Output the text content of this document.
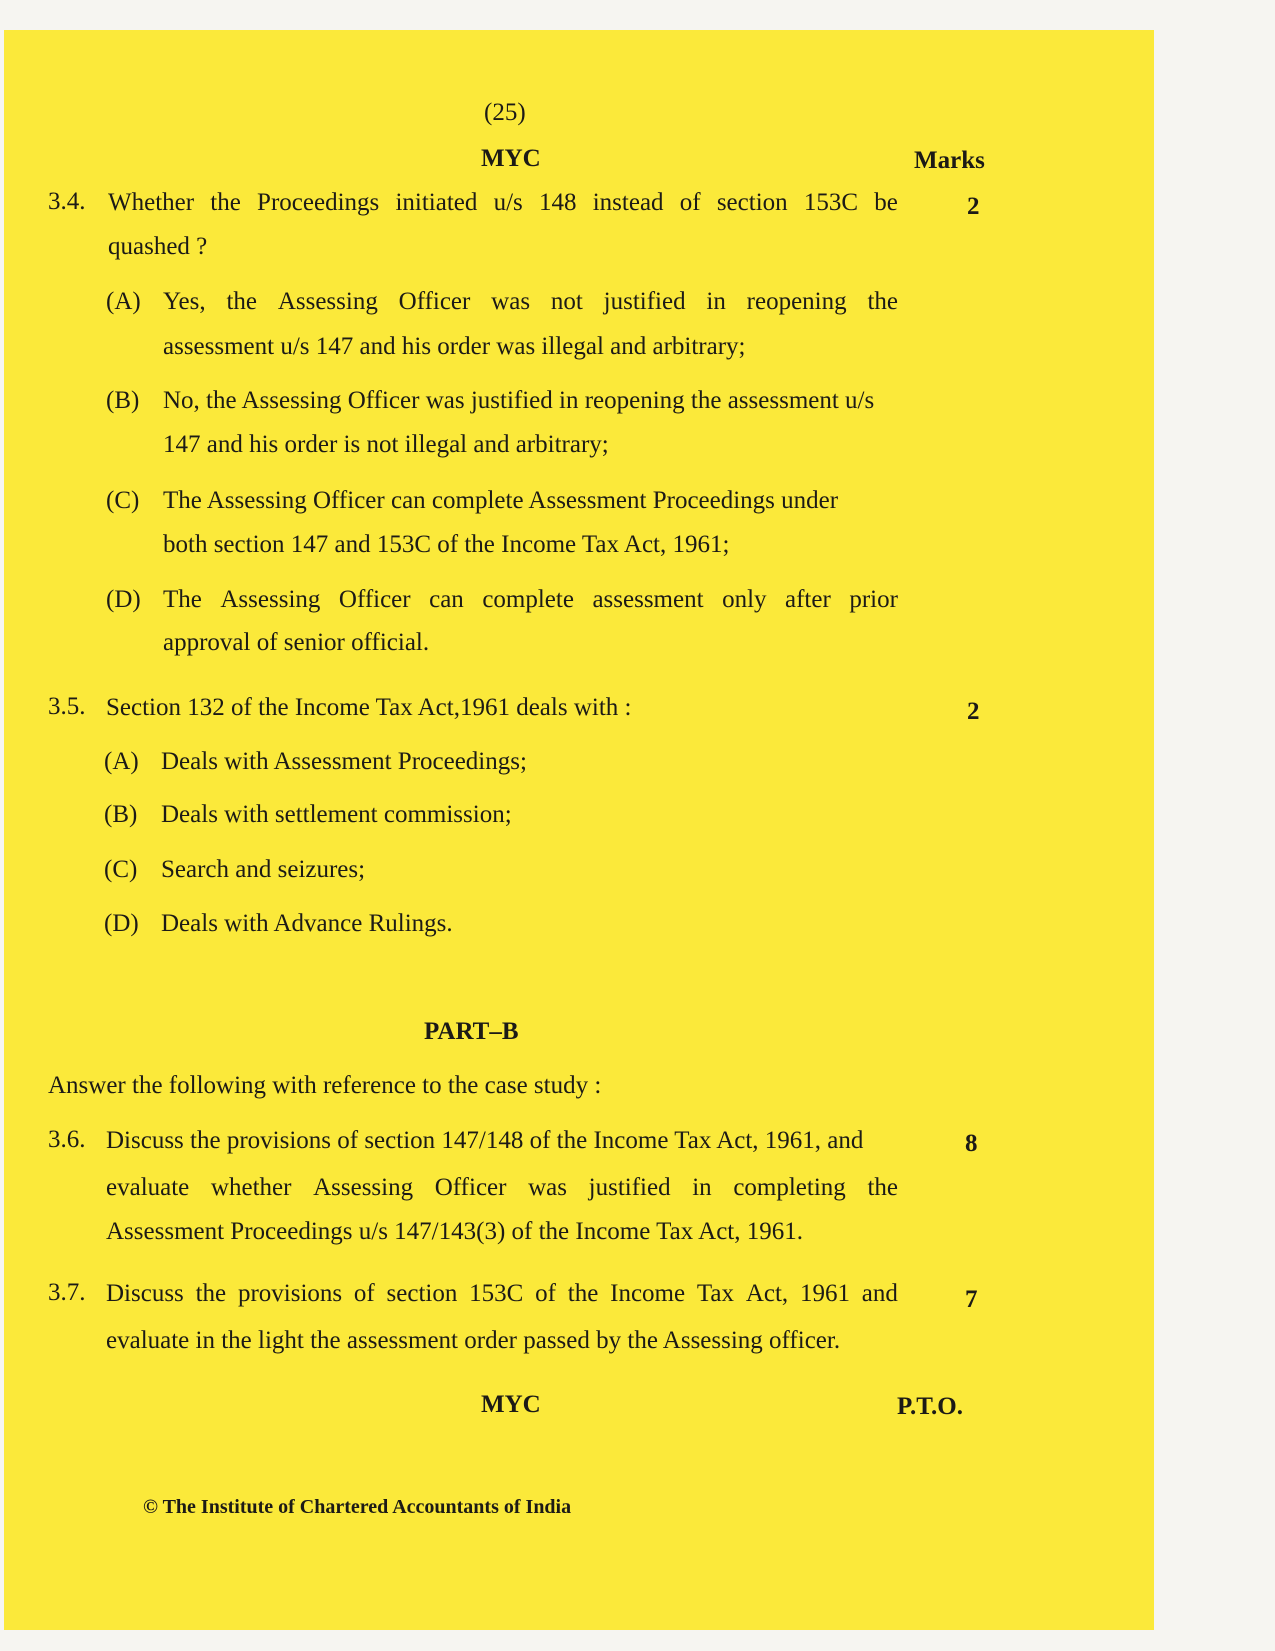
(25)
MYC	Marks
3.4. Whether the Proceedings initiated u/s 148 instead of section 153C be	2
quashed ?
(A) Yes, the Assessing Officer was not justified in reopening the
assessment u/s 147 and his order was illegal and arbitrary;
(B) No, the Assessing Officer was justified in reopening the assessment u/s
147 and his order is not illegal and arbitrary;
(C) The Assessing Officer can complete Assessment Proceedings under
both section 147 and 153C of the Income Tax Act, 1961;
(D) The Assessing Officer can complete assessment only after prior
approval of senior official.
3.5. Section 132 of the Income Tax Act,1961 deals with :	2
(A) Deals with Assessment Proceedings;
(B) Deals with settlement commission;
(C) Search and seizures;
(D) Deals with Advance Rulings.
PART–B
Answer the following with reference to the case study :
3.6. Discuss the provisions of section 147/148 of the Income Tax Act, 1961, and	8
evaluate whether Assessing Officer was justified in completing the
Assessment Proceedings u/s 147/143(3) of the Income Tax Act, 1961.
3.7. Discuss the provisions of section 153C of the Income Tax Act, 1961 and	7
evaluate in the light the assessment order passed by the Assessing officer.
MYC	P.T.O.
© The Institute of Chartered Accountants of India
